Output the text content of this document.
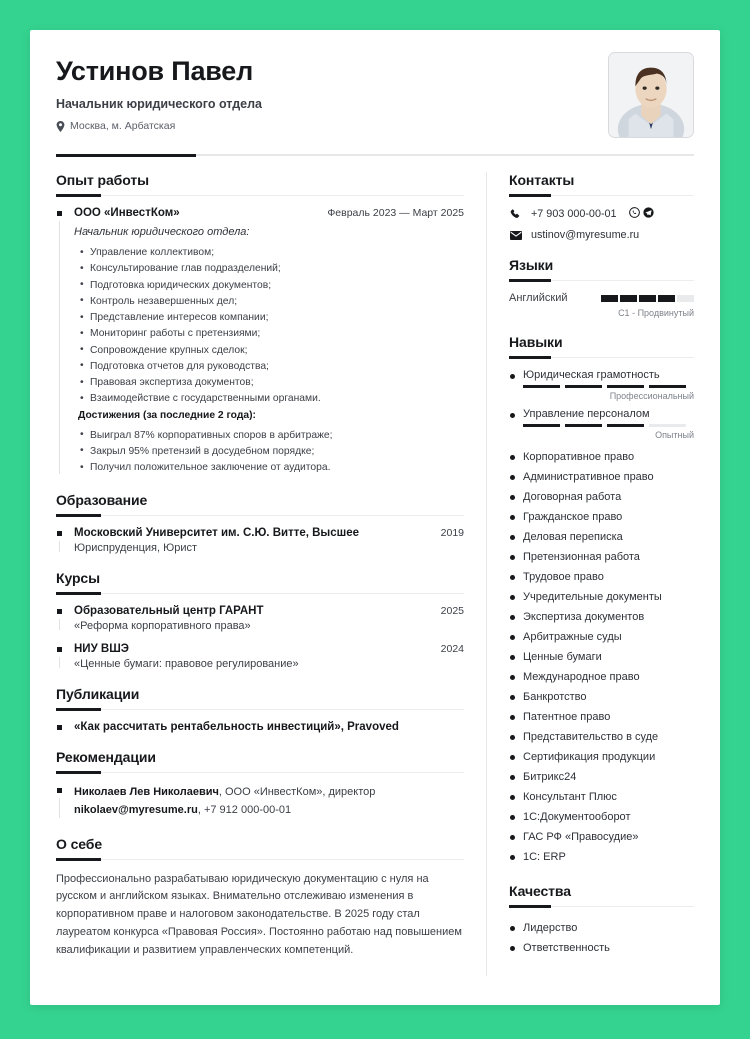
Устинов Павел
Начальник юридического отдела
Москва, м. Арбатская
Опыт работы
ООО «ИнвестКом»	Февраль 2023 — Март 2025
Начальник юридического отдела:
• Управление коллективом;
• Консультирование глав подразделений;
• Подготовка юридических документов;
• Контроль незавершенных дел;
• Представление интересов компании;
• Мониторинг работы с претензиями;
• Сопровождение крупных сделок;
• Подготовка отчетов для руководства;
• Правовая экспертиза документов;
• Взаимодействие с государственными органами.
Достижения (за последние 2 года):
• Выиграл 87% корпоративных споров в арбитраже;
• Закрыл 95% претензий в досудебном порядке;
• Получил положительное заключение от аудитора.
Образование
Московский Университет им. С.Ю. Витте, Высшее	2019
Юриспруденция, Юрист
Курсы
Образовательный центр ГАРАНТ	2025
«Реформа корпоративного права»
НИУ ВШЭ	2024
«Ценные бумаги: правовое регулирование»
Публикации
«Как рассчитать рентабельность инвестиций», Pravoved
Рекомендации
Николаев Лев Николаевич, ООО «ИнвестКом», директор
nikolaev@myresume.ru, +7 912 000-00-01
О себе
Профессионально разрабатываю юридическую документацию с нуля на русском и английском языках. Внимательно отслеживаю изменения в корпоративном праве и налоговом законодательстве. В 2025 году стал лауреатом конкурса «Правовая Россия». Постоянно работаю над повышением квалификации и развитием управленческих компетенций.
Контакты
+7 903 000-00-01
ustinov@myresume.ru
Языки
Английский
C1 - Продвинутый
Навыки
Юридическая грамотность
Профессиональный
Управление персоналом
Опытный
Корпоративное право
Административное право
Договорная работа
Гражданское право
Деловая переписка
Претензионная работа
Трудовое право
Учредительные документы
Экспертиза документов
Арбитражные суды
Ценные бумаги
Международное право
Банкротство
Патентное право
Представительство в суде
Сертификация продукции
Битрикс24
Консультант Плюс
1С:Документооборот
ГАС РФ «Правосудие»
1С: ERP
Качества
Лидерство
Ответственность
